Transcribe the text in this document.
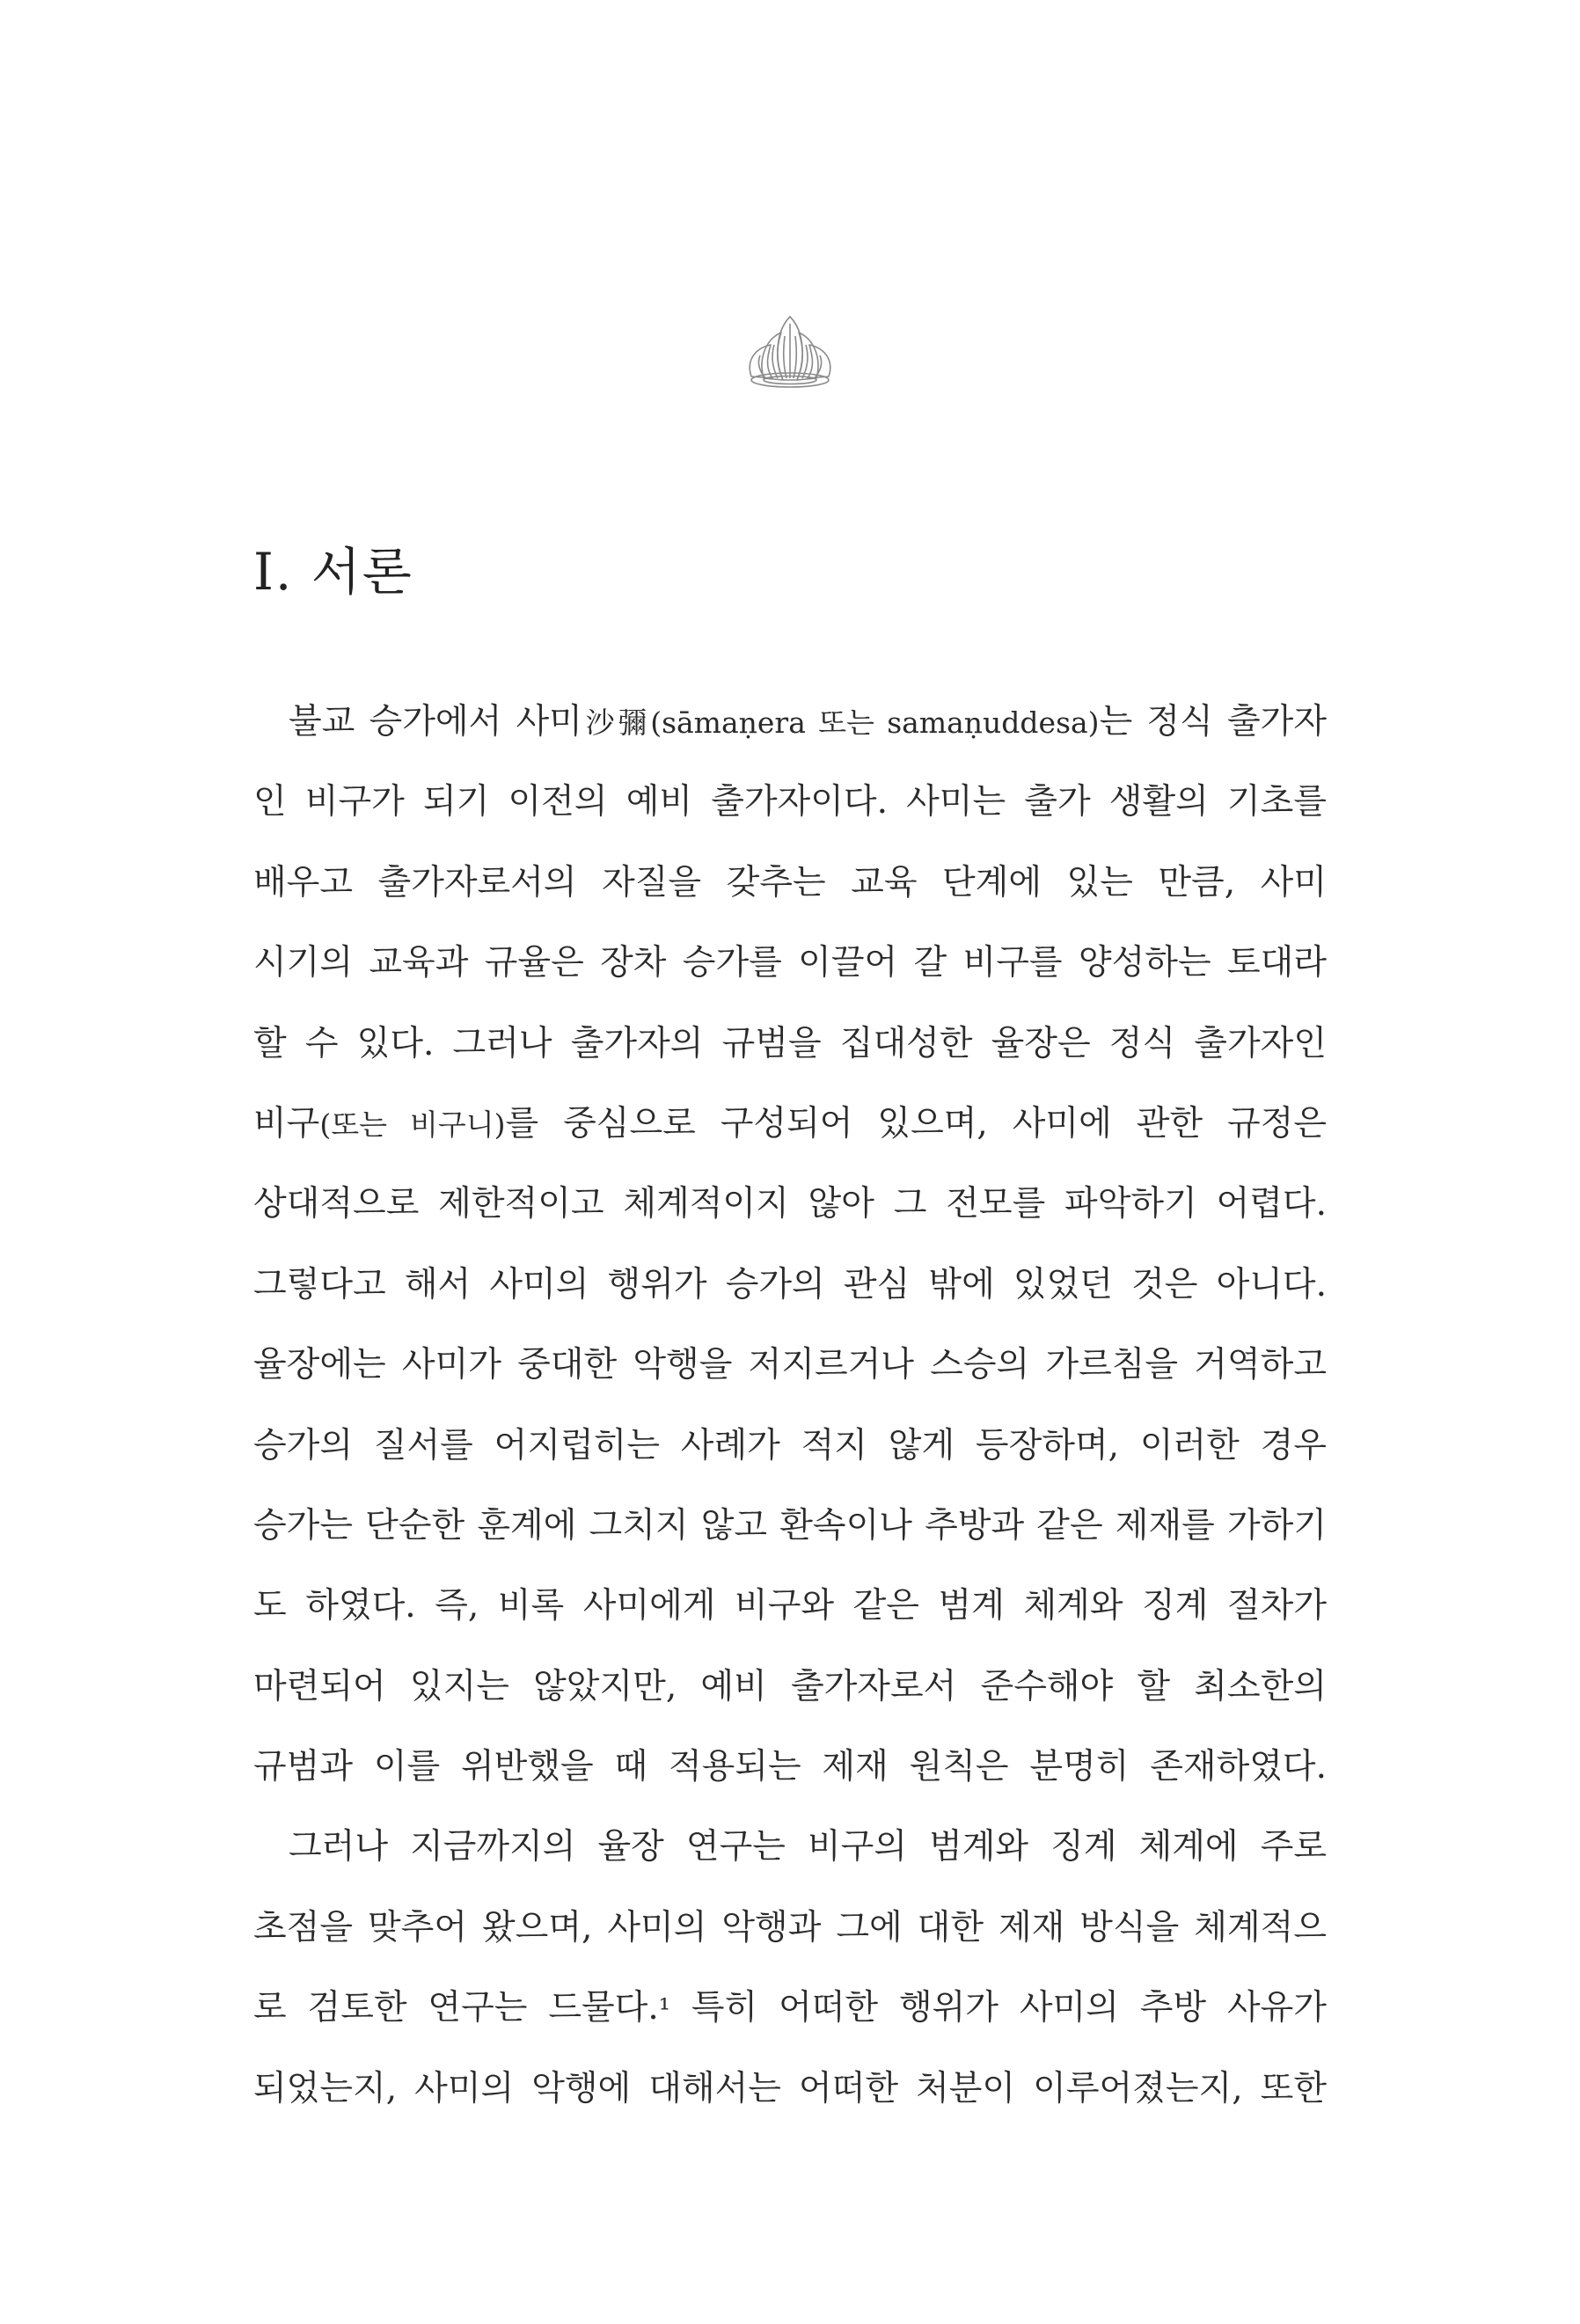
Ⅰ. 서론
불교 승가에서 사미沙彌(sāmaṇera 또는 samaṇuddesa)는 정식 출가자
인 비구가 되기 이전의 예비 출가자이다. 사미는 출가 생활의 기초를
배우고 출가자로서의 자질을 갖추는 교육 단계에 있는 만큼, 사미
시기의 교육과 규율은 장차 승가를 이끌어 갈 비구를 양성하는 토대라
할 수 있다. 그러나 출가자의 규범을 집대성한 율장은 정식 출가자인
비구(또는 비구니)를 중심으로 구성되어 있으며, 사미에 관한 규정은
상대적으로 제한적이고 체계적이지 않아 그 전모를 파악하기 어렵다.
그렇다고 해서 사미의 행위가 승가의 관심 밖에 있었던 것은 아니다.
율장에는 사미가 중대한 악행을 저지르거나 스승의 가르침을 거역하고
승가의 질서를 어지럽히는 사례가 적지 않게 등장하며, 이러한 경우
승가는 단순한 훈계에 그치지 않고 환속이나 추방과 같은 제재를 가하기
도 하였다. 즉, 비록 사미에게 비구와 같은 범계 체계와 징계 절차가
마련되어 있지는 않았지만, 예비 출가자로서 준수해야 할 최소한의
규범과 이를 위반했을 때 적용되는 제재 원칙은 분명히 존재하였다.
그러나 지금까지의 율장 연구는 비구의 범계와 징계 체계에 주로
초점을 맞추어 왔으며, 사미의 악행과 그에 대한 제재 방식을 체계적으
로 검토한 연구는 드물다.¹ 특히 어떠한 행위가 사미의 추방 사유가
되었는지, 사미의 악행에 대해서는 어떠한 처분이 이루어졌는지, 또한
